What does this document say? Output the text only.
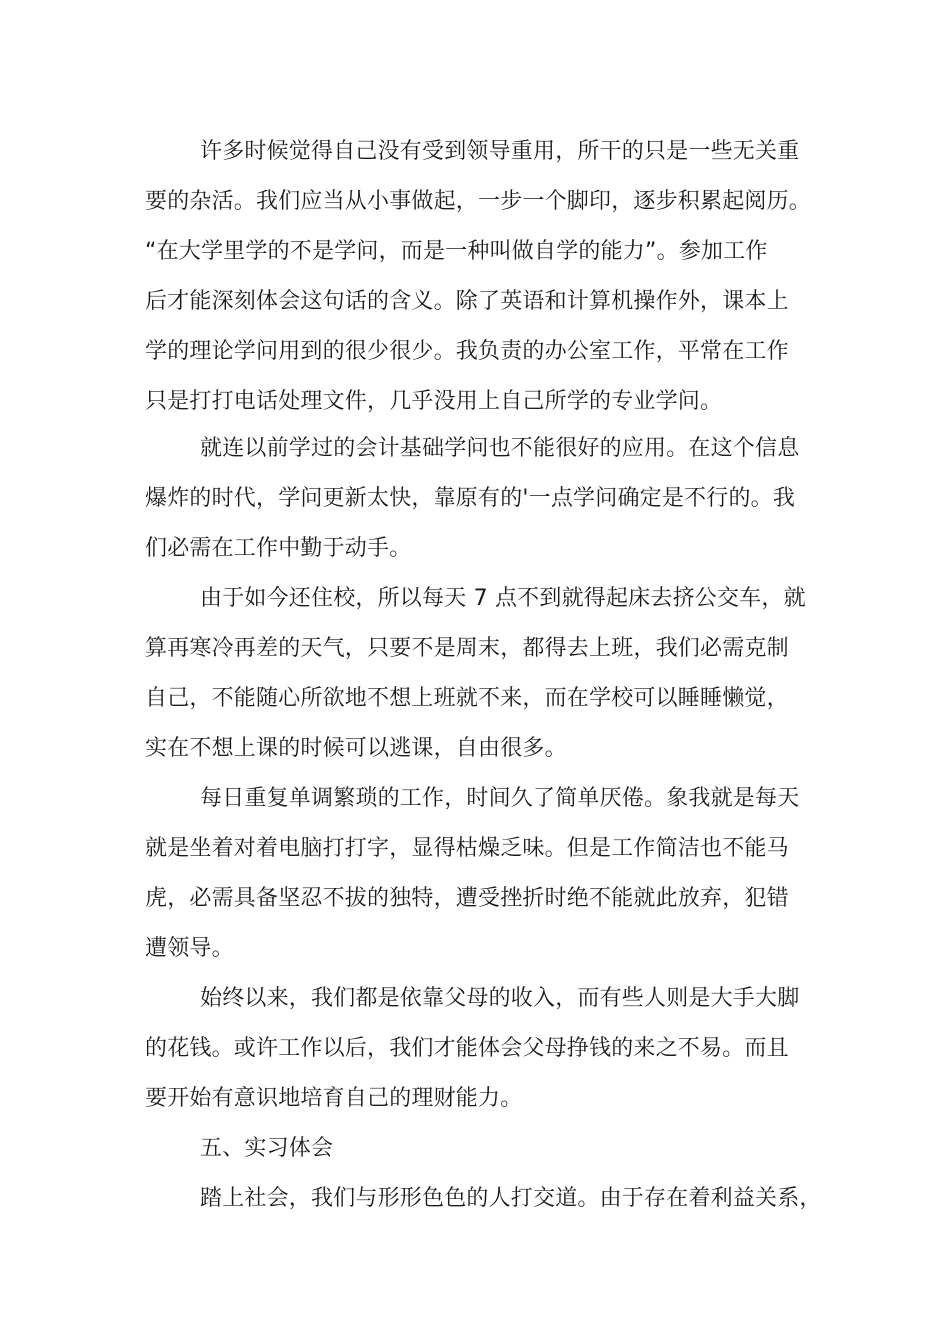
许多时候觉得自己没有受到领导重用，所干的只是一些无关重
要的杂活。我们应当从小事做起，一步一个脚印，逐步积累起阅历。
“在大学里学的不是学问，而是一种叫做自学的能力”。参加工作
后才能深刻体会这句话的含义。除了英语和计算机操作外，课本上
学的理论学问用到的很少很少。我负责的办公室工作，平常在工作
只是打打电话处理文件，几乎没用上自己所学的专业学问。
就连以前学过的会计基础学问也不能很好的应用。在这个信息
爆炸的时代，学问更新太快，靠原有的'一点学问确定是不行的。我
们必需在工作中勤于动手。
由于如今还住校，所以每天 7 点不到就得起床去挤公交车，就
算再寒冷再差的天气，只要不是周末，都得去上班，我们必需克制
自己，不能随心所欲地不想上班就不来，而在学校可以睡睡懒觉，
实在不想上课的时候可以逃课，自由很多。
每日重复单调繁琐的工作，时间久了简单厌倦。象我就是每天
就是坐着对着电脑打打字，显得枯燥乏味。但是工作简洁也不能马
虎，必需具备坚忍不拔的独特，遭受挫折时绝不能就此放弃，犯错
遭领导。
始终以来，我们都是依靠父母的收入，而有些人则是大手大脚
的花钱。或许工作以后，我们才能体会父母挣钱的来之不易。而且
要开始有意识地培育自己的理财能力。
五、实习体会
踏上社会，我们与形形色色的人打交道。由于存在着利益关系，
